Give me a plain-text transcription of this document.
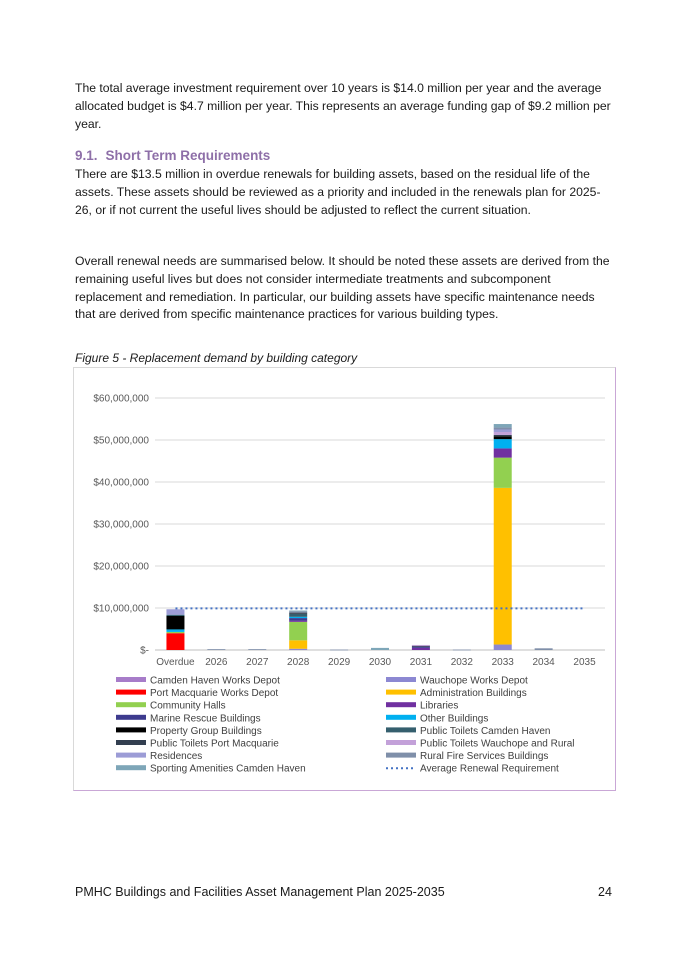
The total average investment requirement over 10 years is $14.0 million per year and the average allocated budget is $4.7 million per year. This represents an average funding gap of $9.2 million per year.

9.1. Short Term Requirements

There are $13.5 million in overdue renewals for building assets, based on the residual life of the assets. These assets should be reviewed as a priority and included in the renewals plan for 2025-26, or if not current the useful lives should be adjusted to reflect the current situation.

Overall renewal needs are summarised below. It should be noted these assets are derived from the remaining useful lives but does not consider intermediate treatments and subcomponent replacement and remediation. In particular, our building assets have specific maintenance needs that are derived from specific maintenance practices for various building types.

Figure 5 - Replacement demand by building category

$-
$10,000,000
$20,000,000
$30,000,000
$40,000,000
$50,000,000
$60,000,000
Overdue 2026 2027 2028 2029 2030 2031 2032 2033 2034 2035
Camden Haven Works Depot	Wauchope Works Depot
Port Macquarie Works Depot	Administration Buildings
Community Halls	Libraries
Marine Rescue Buildings	Other Buildings
Property Group Buildings	Public Toilets Camden Haven
Public Toilets Port Macquarie	Public Toilets Wauchope and Rural
Residences	Rural Fire Services Buildings
Sporting Amenities Camden Haven	Average Renewal Requirement

PMHC Buildings and Facilities Asset Management Plan 2025-2035	24
